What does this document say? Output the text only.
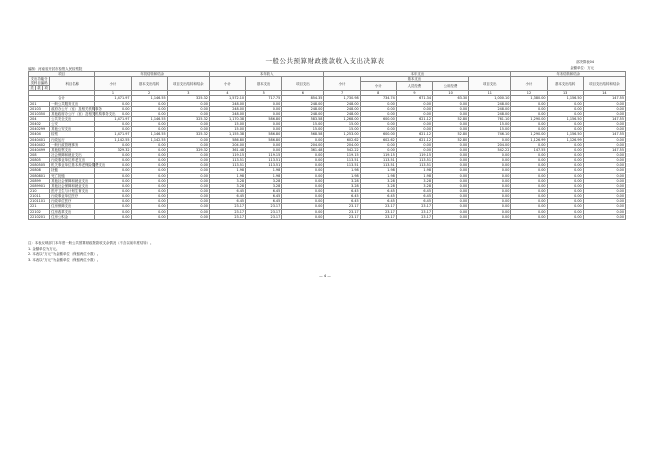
一般公共预算财政拨款收入支出决算表	部决算表04
金额单位：万元
编制：河南省开封市检察人民检察院
项目				年初结转和结余			本年收入			本年支出					年末结转和结余		
支出功能分类科目编码			科目名称	小计	基本支出结转	项目支出结转和结余	小计	基本支出	项目支出	小计	基本支出			项目支出	小计	基本支出结转	项目支出结转和结余
											小计	人员经费	公用经费				
类	款	项															
				1	2	3	4	5	6	7	8	9	10	11	12	13	14
合计				1,471.97	1,146.55	325.32	1,572.10	717.75	854.35	1,730.98	734.74	671.34	63.30	1,000.10	1,380.00	1,156.50	147.55
201			一般公共服务支出	0.00	0.00	0.00	248.00	0.00	248.00	248.00	0.00	0.00	0.00	248.00	0.00	0.00	0.00
20103			政府办公厅（室）及相关机构事务	0.00	0.00	0.00	248.00	0.00	248.00	248.00	0.00	0.00	0.00	248.00	0.00	0.00	0.00
2010350			其他政府办公厅（室）及相关机构事务支出	0.00	0.00	0.00	248.00	0.00	248.00	248.00	0.00	0.00	0.00	248.00	0.00	0.00	0.00
204			公共安全支出	1,471.97	1,146.55	325.32	1,170.38	586.80	583.58	1,268.00	600.00	621.12	52.80	761.10	1,290.00	1,156.50	147.55
20402			公安	0.00	0.00	0.00	15.00	0.00	15.00	15.00	0.00	0.00	0.00	15.00	0.00	0.00	0.00
2040299			其他公安支出	0.00	0.00	0.00	15.00	0.00	15.00	15.00	0.00	0.00	0.00	15.00	0.00	0.00	0.00
20404			检察	1,471.97	1,146.55	325.32	1,155.38	586.80	568.58	1,253.00	600.00	621.12	52.80	746.10	1,290.00	1,156.50	147.55
2040401			行政运行	1,142.55	1,142.55	0.00	586.80	586.80	0.00	602.62	602.62	621.12	52.80	0.00	1,126.99	1,126.99	0.00
2040402			一般行政管理事务	0.00	0.00	0.00	204.00	0.00	204.00	204.00	0.00	0.00	0.00	204.00	0.00	0.00	0.00
2040499			其他检察支出	329.32	0.00	329.32	361.48	0.00	361.48	542.22	0.00	0.00	0.00	542.22	147.55	0.00	147.55
208			社会保障和就业支出	0.00	0.00	0.00	119.15	119.15	0.00	119.15	119.15	119.15	0.00	0.00	0.00	0.00	0.00
20805			行政事业单位养老支出	0.00	0.00	0.00	113.51	113.51	0.00	113.51	113.51	113.51	0.00	0.00	0.00	0.00	0.00
2080505			机关事业单位基本养老保险缴费支出	0.00	0.00	0.00	113.51	113.51	0.00	113.51	113.51	113.51	0.00	0.00	0.00	0.00	0.00
20808			抚恤	0.00	0.00	0.00	1.98	1.98	0.00	1.98	1.98	1.98	0.00	0.00	0.00	0.00	0.00
2080801			死亡抚恤	0.00	0.00	0.00	1.98	1.98	0.00	1.98	1.98	1.98	0.00	0.00	0.00	0.00	0.00
20899			其他社会保障和就业支出	0.00	0.00	0.00	3.28	3.28	0.00	3.28	3.28	3.28	0.00	0.00	0.00	0.00	0.00
2089901			其他社会保障和就业支出	0.00	0.00	0.00	3.28	3.28	0.00	3.28	3.28	3.28	0.00	0.00	0.00	0.00	0.00
210			医疗卫生与计划生育支出	0.00	0.00	0.00	6.45	6.45	0.00	6.45	6.45	6.45	0.00	0.00	0.00	0.00	0.00
21011			行政事业单位医疗	0.00	0.00	0.00	6.45	6.45	0.00	6.45	6.45	6.45	0.00	0.00	0.00	0.00	0.00
2101101			行政单位医疗	0.00	0.00	0.00	6.45	6.45	0.00	6.45	6.45	6.45	0.00	0.00	0.00	0.00	0.00
221			住房保障支出	0.00	0.00	0.00	23.17	23.17	0.00	23.17	23.17	23.17	0.00	0.00	0.00	0.00	0.00
22102			住房改革支出	0.00	0.00	0.00	23.17	23.17	0.00	23.17	23.17	23.17	0.00	0.00	0.00	0.00	0.00
2210201			住房公积金	0.00	0.00	0.00	23.17	23.17	0.00	23.17	23.17	23.17	0.00	0.00	0.00	0.00	0.00
注：本表反映部门本年度一般公共预算财政拨款收支余情况（不含以前年度结转）。
1. 金额单位为万元。
2. 本表以“万元”为金额单位（保留两位小数）。
3. 本表以“万元”为金额单位（保留两位小数）。
— 4 —
